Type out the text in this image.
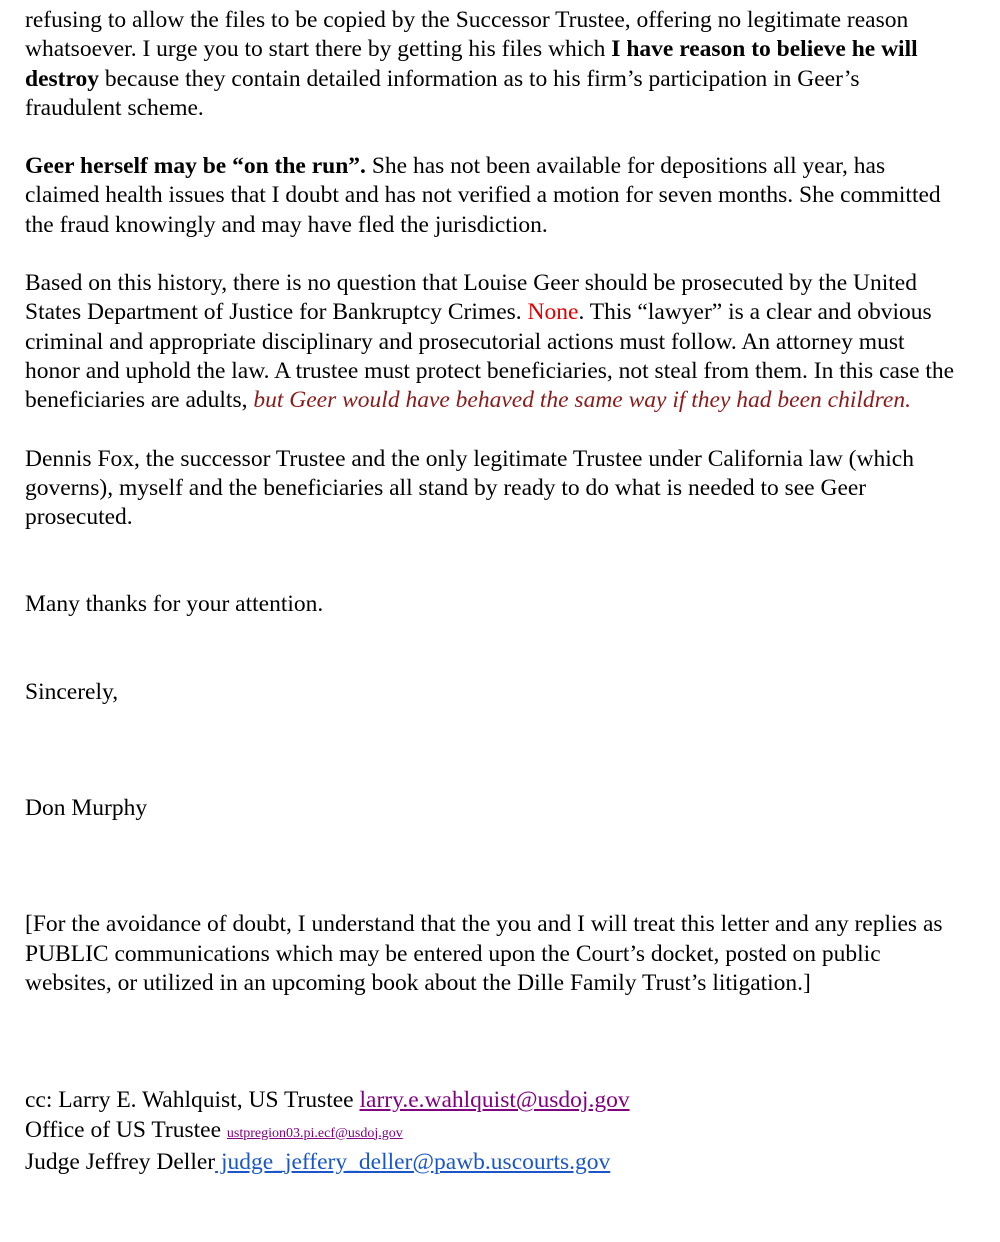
refusing to allow the files to be copied by the Successor Trustee, offering no legitimate reason whatsoever. I urge you to start there by getting his files which I have reason to believe he will destroy because they contain detailed information as to his firm’s participation in Geer’s fraudulent scheme.

Geer herself may be “on the run”. She has not been available for depositions all year, has claimed health issues that I doubt and has not verified a motion for seven months. She committed the fraud knowingly and may have fled the jurisdiction.

Based on this history, there is no question that Louise Geer should be prosecuted by the United States Department of Justice for Bankruptcy Crimes. None. This “lawyer” is a clear and obvious criminal and appropriate disciplinary and prosecutorial actions must follow. An attorney must honor and uphold the law. A trustee must protect beneficiaries, not steal from them. In this case the beneficiaries are adults, but Geer would have behaved the same way if they had been children.

Dennis Fox, the successor Trustee and the only legitimate Trustee under California law (which governs), myself and the beneficiaries all stand by ready to do what is needed to see Geer prosecuted.

Many thanks for your attention.

Sincerely,

Don Murphy

[For the avoidance of doubt, I understand that the you and I will treat this letter and any replies as PUBLIC communications which may be entered upon the Court’s docket, posted on public websites, or utilized in an upcoming book about the Dille Family Trust’s litigation.]

cc: Larry E. Wahlquist, US Trustee larry.e.wahlquist@usdoj.gov

Office of US Trustee ustpregion03.pi.ecf@usdoj.gov

Judge Jeffrey Deller judge_jeffery_deller@pawb.uscourts.gov
